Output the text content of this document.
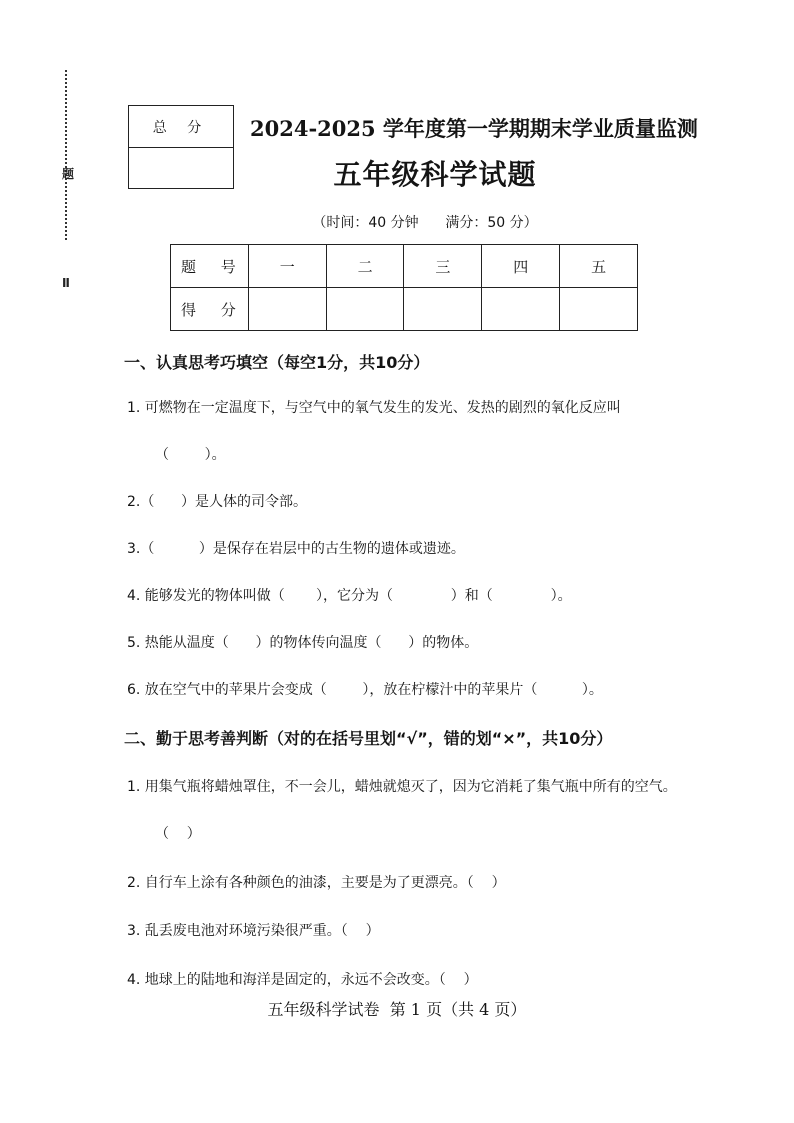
题
Ⅱ
总 分	2024-2025 学年度第一学期期末学业质量监测
五年级科学试题
（时间：40 分钟      满分：50 分）
题 号	一	二	三	四	五
得 分					
一、认真思考巧填空（每空1分，共10分）
1. 可燃物在一定温度下，与空气中的氧气发生的发光、发热的剧烈的氧化反应叫
（        ）。
2.（      ）是人体的司令部。
3.（          ）是保存在岩层中的古生物的遗体或遗迹。
4. 能够发光的物体叫做（       ），它分为（             ）和（             ）。
5. 热能从温度（      ）的物体传向温度（      ）的物体。
6. 放在空气中的苹果片会变成（        ），放在柠檬汁中的苹果片（          ）。
二、勤于思考善判断（对的在括号里划“√”，错的划“×”，共10分）
1. 用集气瓶将蜡烛罩住，不一会儿，蜡烛就熄灭了，因为它消耗了集气瓶中所有的空气。
（    ）
2. 自行车上涂有各种颜色的油漆，主要是为了更漂亮。（    ）
3. 乱丢废电池对环境污染很严重。（    ）
4. 地球上的陆地和海洋是固定的，永远不会改变。（    ）
五年级科学试卷  第 1 页（共 4 页）
